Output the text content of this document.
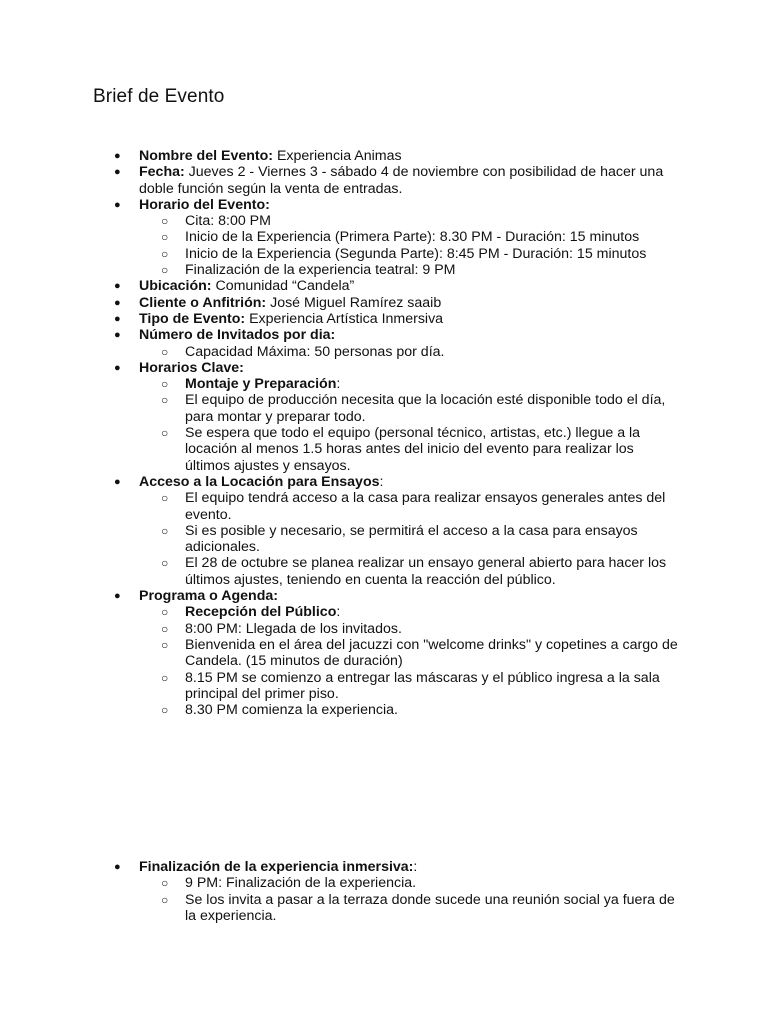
Brief de Evento
● Nombre del Evento: Experiencia Animas
● Fecha: Jueves 2 - Viernes 3 - sábado 4 de noviembre con posibilidad de hacer una doble función según la venta de entradas.
● Horario del Evento:
○ Cita: 8:00 PM
○ Inicio de la Experiencia (Primera Parte): 8.30 PM - Duración: 15 minutos
○ Inicio de la Experiencia (Segunda Parte): 8:45 PM - Duración: 15 minutos
○ Finalización de la experiencia teatral: 9 PM
● Ubicación: Comunidad “Candela”
● Cliente o Anfitrión: José Miguel Ramírez saaib
● Tipo de Evento: Experiencia Artística Inmersiva
● Número de Invitados por dia:
○ Capacidad Máxima: 50 personas por día.
● Horarios Clave:
○ Montaje y Preparación:
○ El equipo de producción necesita que la locación esté disponible todo el día, para montar y preparar todo.
○ Se espera que todo el equipo (personal técnico, artistas, etc.) llegue a la locación al menos 1.5 horas antes del inicio del evento para realizar los últimos ajustes y ensayos.
● Acceso a la Locación para Ensayos:
○ El equipo tendrá acceso a la casa para realizar ensayos generales antes del evento.
○ Si es posible y necesario, se permitirá el acceso a la casa para ensayos adicionales.
○ El 28 de octubre se planea realizar un ensayo general abierto para hacer los últimos ajustes, teniendo en cuenta la reacción del público.
● Programa o Agenda:
○ Recepción del Público:
○ 8:00 PM: Llegada de los invitados.
○ Bienvenida en el área del jacuzzi con "welcome drinks" y copetines a cargo de Candela. (15 minutos de duración)
○ 8.15 PM se comienzo a entregar las máscaras y el público ingresa a la sala principal del primer piso.
○ 8.30 PM comienza la experiencia.
● Finalización de la experiencia inmersiva::
○ 9 PM: Finalización de la experiencia.
○ Se los invita a pasar a la terraza donde sucede una reunión social ya fuera de la experiencia.
